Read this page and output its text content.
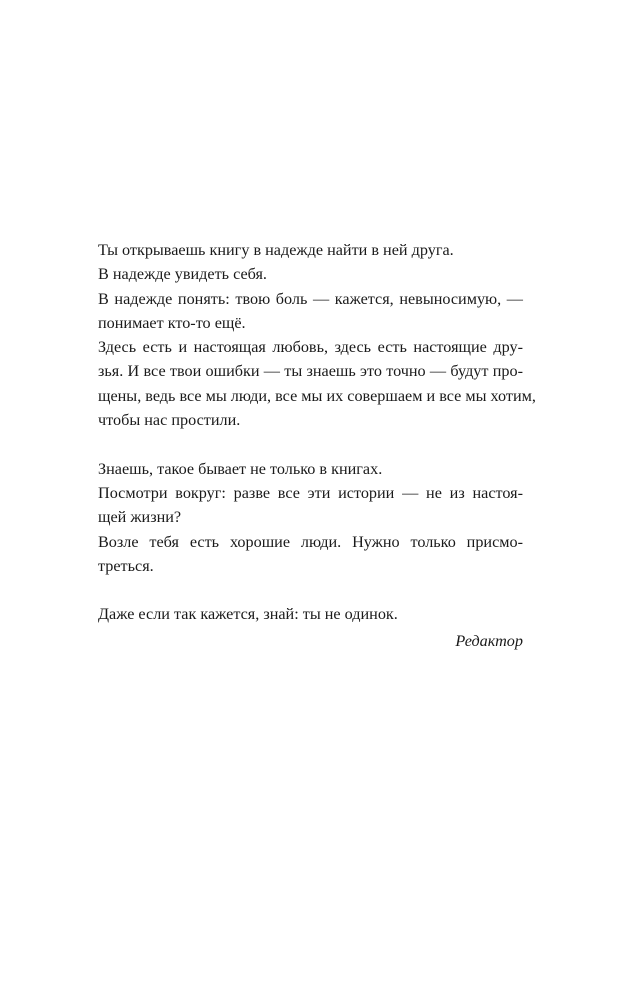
Ты открываешь книгу в надежде найти в ней друга.
В надежде увидеть себя.
В надежде понять: твою боль — кажется, невыносимую, —
понимает кто-то ещё.
Здесь есть и настоящая любовь, здесь есть настоящие дру-
зья. И все твои ошибки — ты знаешь это точно — будут про-
щены, ведь все мы люди, все мы их совершаем и все мы хотим,
чтобы нас простили.
Знаешь, такое бывает не только в книгах.
Посмотри вокруг: разве все эти истории — не из настоя-
щей жизни?
Возле тебя есть хорошие люди. Нужно только присмо-
треться.
Даже если так кажется, знай: ты не одинок.
Редактор
